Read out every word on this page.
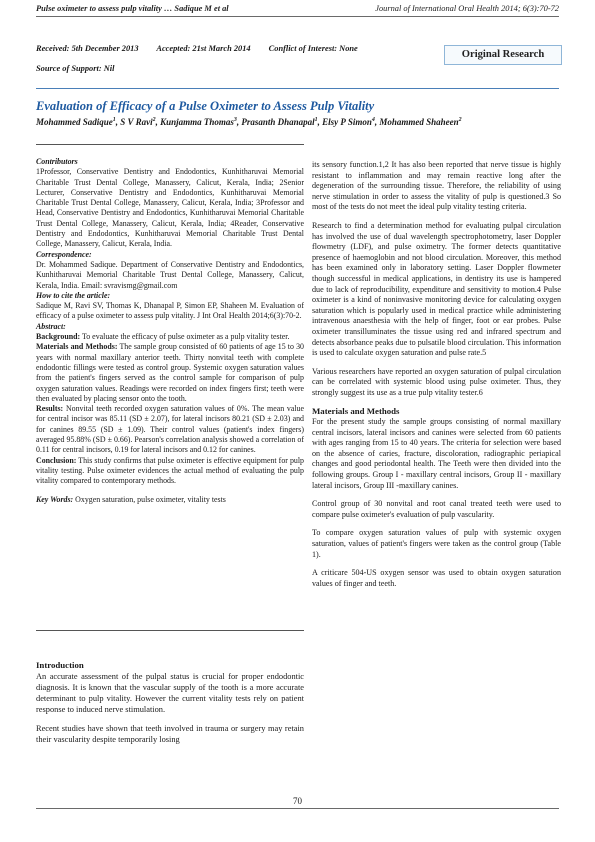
Pulse oximeter to assess pulp vitality … Sadique M et al	Journal of International Oral Health 2014; 6(3):70-72
Received: 5th December 2013 Accepted: 21st March 2014 Conflict of Interest: None
Source of Support: Nil
Original Research
Evaluation of Efficacy of a Pulse Oximeter to Assess Pulp Vitality
Mohammed Sadique$^1$, S V Ravi$^2$, Kunjamma Thomas$^3$, Prasanth Dhanapal$^1$, Elsy P Simon$^4$, Mohammed Shaheen$^2$

Contributors

1Professor, Conservative Dentistry and Endodontics, Kunhitharuvai Memorial Charitable Trust Dental College, Manassery, Calicut, Kerala, India; 2Senior Lecturer, Conservative Dentistry and Endodontics, Kunhitharuvai Memorial Charitable Trust Dental College, Manassery, Calicut, Kerala, India; 3Professor and Head, Conservative Dentistry and Endodontics, Kunhitharuvai Memorial Charitable Trust Dental College, Manassery, Calicut, Kerala, India; 4Reader, Conservative Dentistry and Endodontics, Kunhitharuvai Memorial Charitable Trust Dental College, Manassery, Calicut, Kerala, India.

Correspondence:

Dr. Mohammed Sadique. Department of Conservative Dentistry and Endodontics, Kunhitharuvai Memorial Charitable Trust Dental College, Manassery, Calicut, Kerala, India. Email: svravismg@gmail.com

How to cite the article:

Sadique M, Ravi SV, Thomas K, Dhanapal P, Simon EP, Shaheen M. Evaluation of efficacy of a pulse oximeter to assess pulp vitality. J Int Oral Health 2014;6(3):70-2.

Abstract:

Background: To evaluate the efficacy of pulse oximeter as a pulp vitality tester.

Materials and Methods: The sample group consisted of 60 patients of age 15 to 30 years with normal maxillary anterior teeth. Thirty nonvital teeth with complete endodontic fillings were tested as control group. Systemic oxygen saturation values from the patient's fingers served as the control sample for comparison of pulp oxygen saturation values. Readings were recorded on index fingers first; teeth were then evaluated by placing sensor onto the tooth.

Results: Nonvital teeth recorded oxygen saturation values of 0%. The mean value for central incisor was 85.11 (SD ± 2.07), for lateral incisors 80.21 (SD ± 2.03) and for canines 89.55 (SD ± 1.09). Their control values (patient's index fingers) averaged 95.88% (SD ± 0.66). Pearson's correlation analysis showed a correlation of 0.11 for central incisors, 0.19 for lateral incisors and 0.12 for canines.

Conclusion: This study confirms that pulse oximeter is effective equipment for pulp vitality testing. Pulse oximeter evidences the actual method of evaluating the pulp vitality compared to contemporary methods.

Key Words: Oxygen saturation, pulse oximeter, vitality tests

Introduction

An accurate assessment of the pulpal status is crucial for proper endodontic diagnosis. It is known that the vascular supply of the tooth is a more accurate determinant to pulp vitality. However the current vitality tests rely on patient response to induced nerve stimulation.

Recent studies have shown that teeth involved in trauma or surgery may retain their vascularity despite temporarily losing

its sensory function.1,2 It has also been reported that nerve tissue is highly resistant to inflammation and may remain reactive long after the degeneration of the surrounding tissue. Therefore, the reliability of using nerve stimulation in order to assess the vitality of pulp is questioned.3 So most of the tests do not meet the ideal pulp vitality testing criteria.

Research to find a determination method for evaluating pulpal circulation has involved the use of dual wavelength spectrophotometry, laser Doppler flowmetry (LDF), and pulse oximetry. The former detects quantitative presence of haemoglobin and not blood circulation. Moreover, this method has been examined only in laboratory setting. Laser Doppler flowmeter though successful in medical applications, in dentistry its use is hampered due to lack of reproducibility, expenditure and sensitivity to motion.4 Pulse oximeter is a kind of noninvasive monitoring device for calculating oxygen saturation which is popularly used in medical practice while administering intravenous anaesthesia with the help of finger, foot or ear probes. Pulse oximeter transilluminates the tissue using red and infrared spectrum and detects absorbance peaks due to pulsatile blood circulation. This information is used to calculate oxygen saturation and pulse rate.5

Various researchers have reported an oxygen saturation of pulpal circulation can be correlated with systemic blood using pulse oximeter. Thus, they strongly suggest its use as a true pulp vitality tester.6

Materials and Methods

For the present study the sample groups consisting of normal maxillary central incisors, lateral incisors and canines were selected from 60 patients with ages ranging from 15 to 40 years. The criteria for selection were based on the absence of caries, fracture, discoloration, radiographic periapical changes and good periodontal health. The Teeth were then divided into the following groups. Group I - maxillary central incisors, Group II - maxillary lateral incisors, Group III -maxillary canines.

Control group of 30 nonvital and root canal treated teeth were used to compare pulse oximeter's evaluation of pulp vascularity.

To compare oxygen saturation values of pulp with systemic oxygen saturation, values of patient's fingers were taken as the control group (Table 1).

A criticare 504-US oxygen sensor was used to obtain oxygen saturation values of finger and teeth.

70
